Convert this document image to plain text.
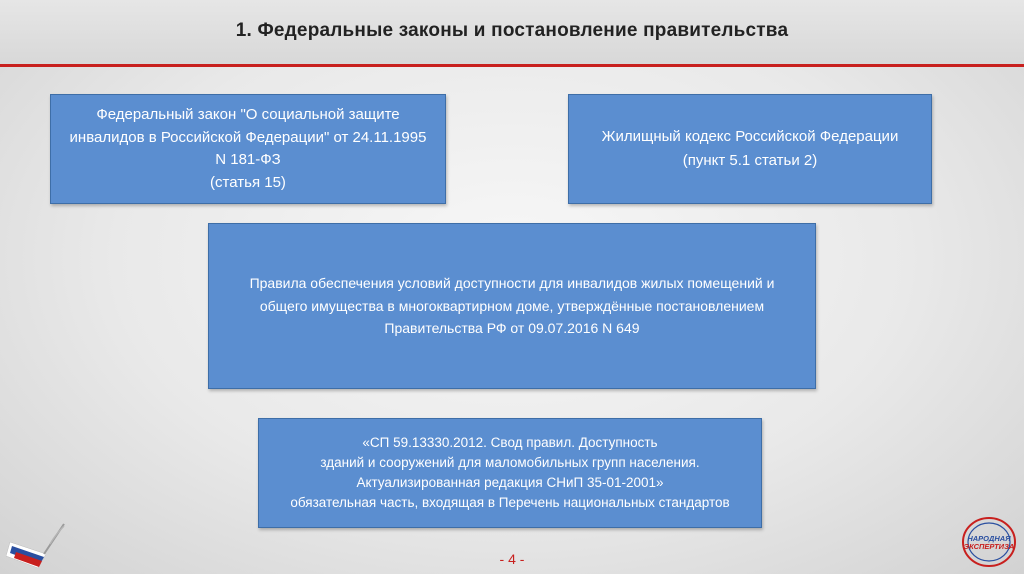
1. Федеральные законы и постановление правительства
Федеральный закон "О социальной защите
инвалидов в Российской Федерации" от 24.11.1995
N 181-ФЗ
(статья 15)
Жилищный кодекс Российской Федерации
(пункт 5.1 статьи 2)
Правила обеспечения условий доступности для инвалидов жилых помещений и
общего имущества в многоквартирном доме, утверждённые постановлением
Правительства РФ от 09.07.2016 N 649
«СП 59.13330.2012. Свод правил. Доступность
зданий и сооружений для маломобильных групп населения.
Актуализированная редакция СНиП 35-01-2001»
обязательная часть, входящая в Перечень национальных стандартов
НАРОДНАЯ
ЭКСПЕРТИЗА
- 4 -
